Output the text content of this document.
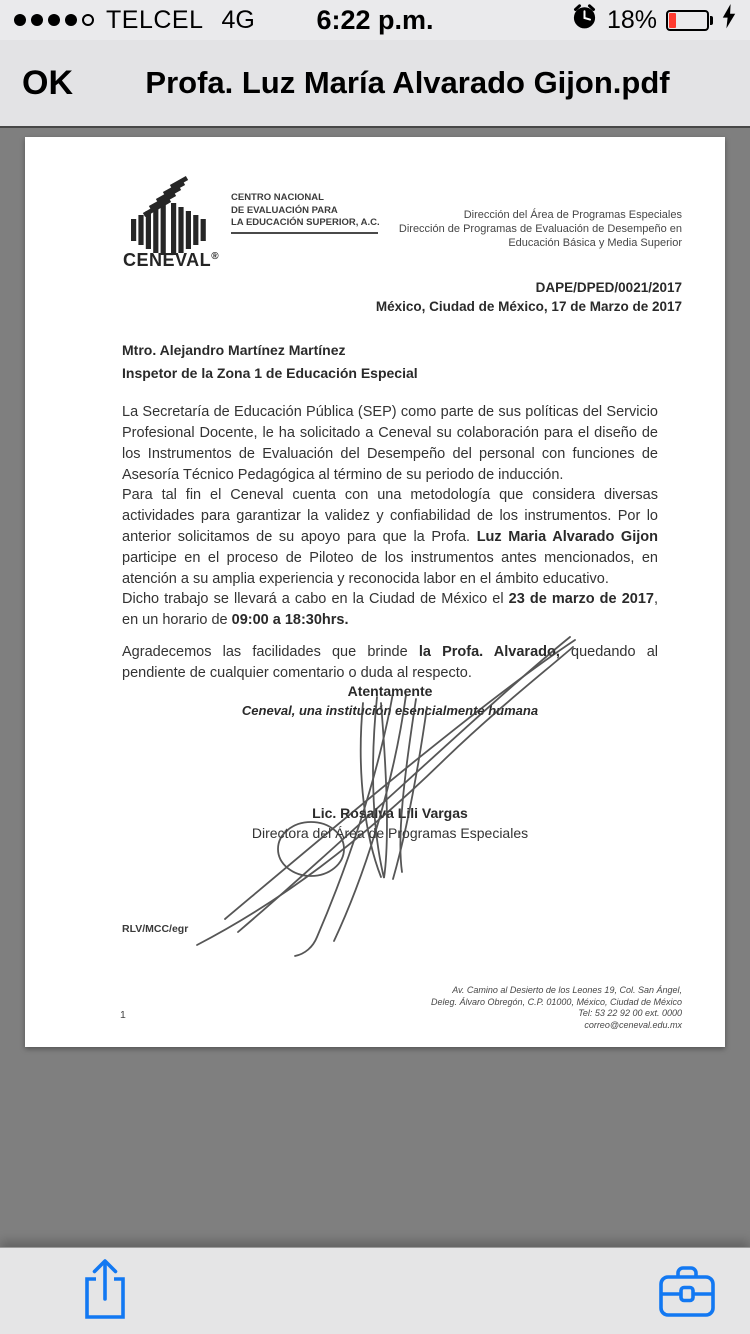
TELCEL 4G	6:22 p.m.	18%
OK	Profa. Luz María Alvarado Gijon.pdf
CENEVAL®
CENTRO NACIONAL
DE EVALUACIÓN PARA
LA EDUCACIÓN SUPERIOR, A.C.
Dirección del Área de Programas Especiales
Dirección de Programas de Evaluación de Desempeño en
Educación Básica y Media Superior
DAPE/DPED/0021/2017
México, Ciudad de México, 17 de Marzo de 2017
Mtro. Alejandro Martínez Martínez
Inspetor de la Zona 1 de Educación Especial
La Secretaría de Educación Pública (SEP) como parte de sus políticas del Servicio Profesional Docente, le ha solicitado a Ceneval su colaboración para el diseño de los Instrumentos de Evaluación del Desempeño del personal con funciones de Asesoría Técnico Pedagógica al término de su periodo de inducción.
Para tal fin el Ceneval cuenta con una metodología que considera diversas actividades para garantizar la validez y confiabilidad de los instrumentos. Por lo anterior solicitamos de su apoyo para que la Profa. Luz Maria Alvarado Gijon participe en el proceso de Piloteo de los instrumentos antes mencionados, en atención a su amplia experiencia y reconocida labor en el ámbito educativo.
Dicho trabajo se llevará a cabo en la Ciudad de México el 23 de marzo de 2017, en un horario de 09:00 a 18:30hrs.
Agradecemos las facilidades que brinde la Profa. Alvarado, quedando al pendiente de cualquier comentario o duda al respecto.
Atentamente
Ceneval, una institución esencialmente humana
Lic. Rosalva Lili Vargas
Directora del Área de Programas Especiales
RLV/MCC/egr
Av. Camino al Desierto de los Leones 19, Col. San Ángel,
Deleg. Álvaro Obregón, C.P. 01000, México, Ciudad de México
Tel: 53 22 92 00 ext. 0000
correo@ceneval.edu.mx
1
